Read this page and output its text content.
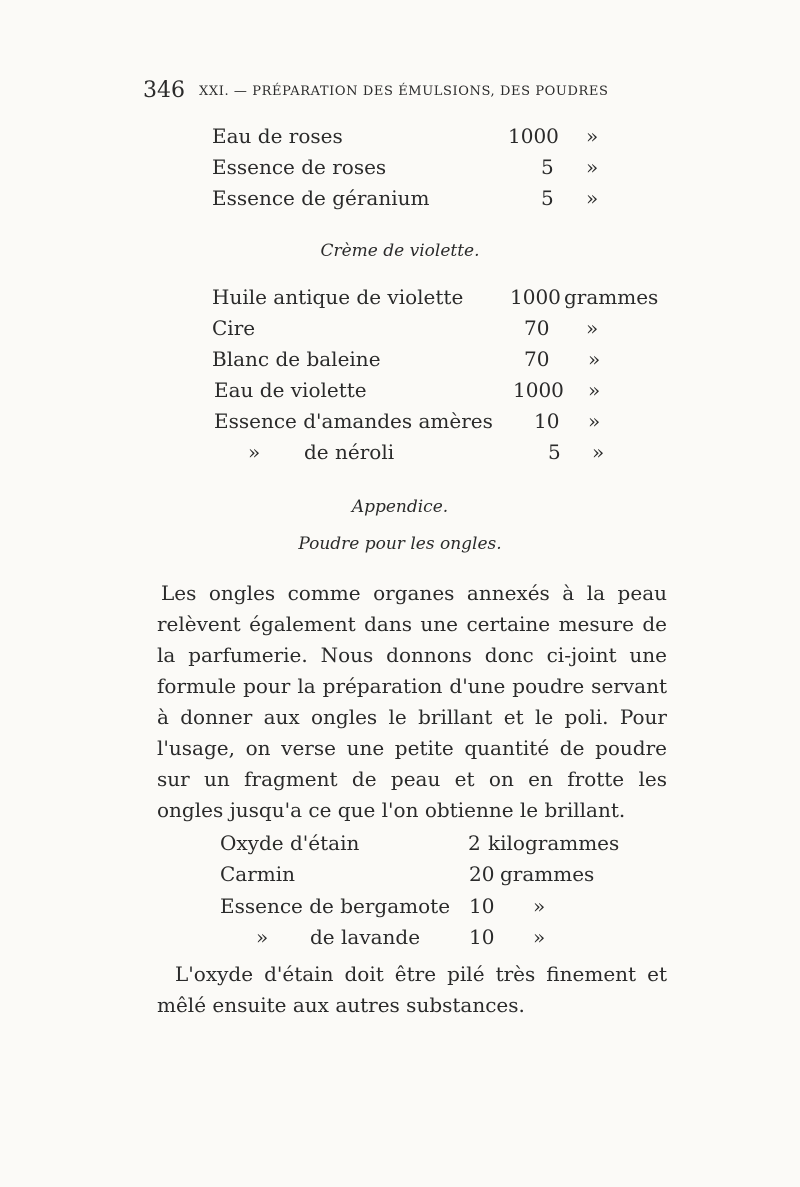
346 XXI. — PRÉPARATION DES ÉMULSIONS, DES POUDRES
Eau de roses	1000 »
Essence de roses	5 »
Essence de géranium	5 »
Crème de violette.
Huile antique de violette 1000 grammes
Cire	70 »
Blanc de baleine	70 »
Eau de violette	1000 »
Essence d'amandes amères 10 »
» de néroli	5 »
Appendice.
Poudre pour les ongles.
Les ongles comme organes annexés à la peau relèvent également dans une certaine mesure de la parfumerie. Nous donnons donc ci-joint une formule pour la préparation d'une poudre servant à donner aux ongles le brillant et le poli. Pour l'usage, on verse une petite quantité de poudre sur un fragment de peau et on en frotte les ongles jusqu'a ce que l'on obtienne le brillant.
Oxyde d'étain	2 kilogrammes
Carmin	20 grammes
Essence de bergamote 10 »
» de lavande 10 »
L'oxyde d'étain doit être pilé très finement et mêlé ensuite aux autres substances.
